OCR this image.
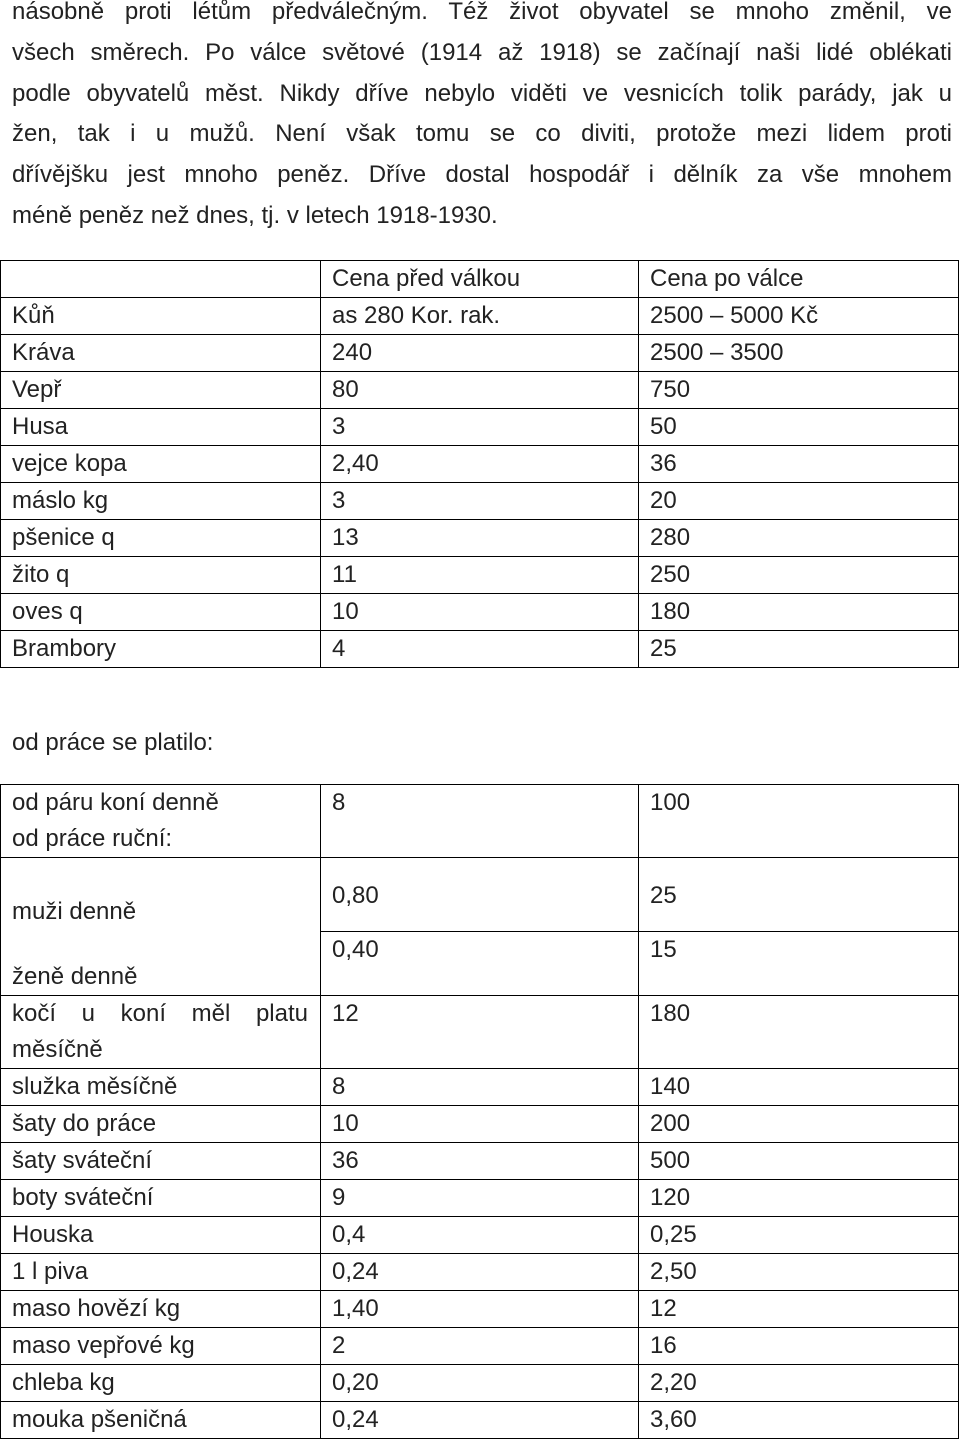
násobně proti létům předválečným. Též život obyvatel se mnoho změnil, ve
všech směrech. Po válce světové (1914 až 1918) se začínají naši lidé oblékati
podle obyvatelů měst. Nikdy dříve nebylo viděti ve vesnicích tolik parády, jak u
žen, tak i u mužů. Není však tomu se co diviti, protože mezi lidem proti
dřívějšku jest mnoho peněz. Dříve dostal hospodář i dělník za vše mnohem
méně peněz než dnes, tj. v letech 1918-1930.
	Cena před válkou	Cena po válce
Kůň	as 280 Kor. rak.	2500 – 5000 Kč
Kráva	240	2500 – 3500
Vepř	80	750
Husa	3	50
vejce kopa	2,40	36
máslo kg	3	20
pšenice q	13	280
žito q	11	250
oves q	10	180
Brambory	4	25
od práce se platilo:
od páru koní denně
od práce ruční:	8	100

muži denně	0,80	25

ženě denně	0,40	15
kočí u koní měl platu
měsíčně	12	180
služka měsíčně	8	140
šaty do práce	10	200
šaty sváteční	36	500
boty sváteční	9	120
Houska	0,4	0,25
1 l piva	0,24	2,50
maso hovězí kg	1,40	12
maso vepřové kg	2	16
chleba kg	0,20	2,20
mouka pšeničná	0,24	3,60
